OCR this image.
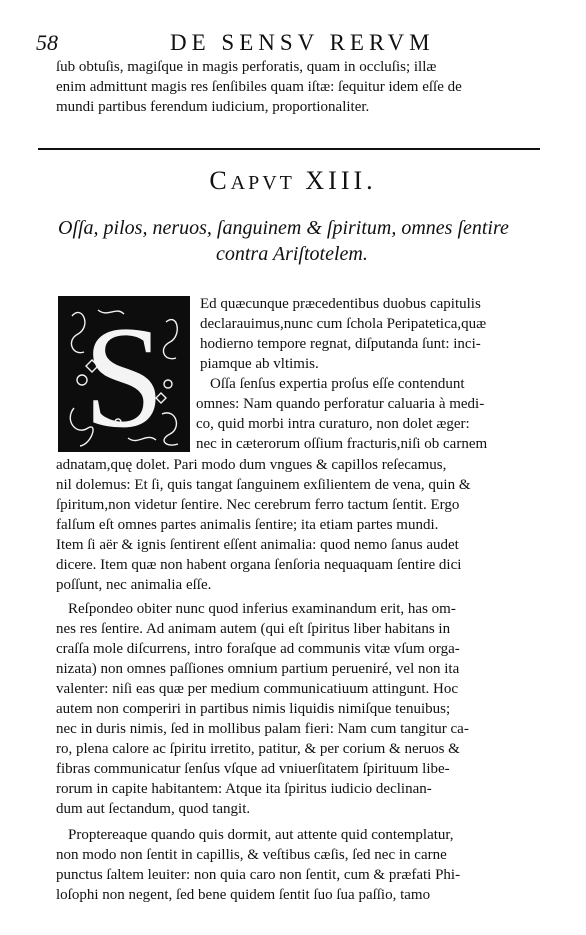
58	DE SENSV RERVM
ſub obtuſis, magiſque in magis perforatis, quam in occluſis; illæ
enim admittunt magis res ſenſibiles quam iſtæ: ſequitur idem eſſe de
mundi partibus ferendum iudicium, proportionaliter.
CAPVT XIII.
Oſſa, pilos, neruos, ſanguinem & ſpiritum, omnes ſentire
contra Ariſtotelem.
S Ed quæcunque præcedentibus duobus capitulis
declarauimus,nunc cum ſchola Peripatetica,quæ
hodierno tempore regnat, diſputanda ſunt: inci-
piamque ab vltimis.
Oſſa ſenſus expertia proſus eſſe contendunt
omnes: Nam quando perforatur caluaria à medi-
co, quid morbi intra curaturo, non dolet æger:
nec in cæterorum oſſium fracturis,niſi ob carnem
adnatam,quę dolet. Pari modo dum vngues & capillos reſecamus,
nil dolemus: Et ſi, quis tangat ſanguinem exſilientem de vena, quin &
ſpiritum,non videtur ſentire. Nec cerebrum ferro tactum ſentit. Ergo
falſum eſt omnes partes animalis ſentire; ita etiam partes mundi.
Item ſi aër & ignis ſentirent eſſent animalia: quod nemo ſanus audet
dicere. Item quæ non habent organa ſenſoria nequaquam ſentire dici
poſſunt, nec animalia eſſe.
Reſpondeo obiter nunc quod inferius examinandum erit, has om-
nes res ſentire. Ad animam autem (qui eſt ſpiritus liber habitans in
craſſa mole diſcurrens, intro foraſque ad communis vitæ vſum orga-
nizata) non omnes paſſiones omnium partium perueniré, vel non ita
valenter: niſi eas quæ per medium communicatiuum attingunt. Hoc
autem non comperiri in partibus nimis liquidis nimiſque tenuibus;
nec in duris nimis, ſed in mollibus palam fieri: Nam cum tangitur ca-
ro, plena calore ac ſpiritu irretito, patitur, & per corium & neruos &
fibras communicatur ſenſus vſque ad vniuerſitatem ſpirituum libe-
rorum in capite habitantem: Atque ita ſpiritus iudicio declinan-
dum aut ſectandum, quod tangit.
Proptereaque quando quis dormit, aut attente quid contemplatur,
non modo non ſentit in capillis, & veſtibus cæſis, ſed nec in carne
punctus ſaltem leuiter: non quia caro non ſentit, cum & præfati Phi-
loſophi non negent, ſed bene quidem ſentit ſuo ſua paſſio, tamo
